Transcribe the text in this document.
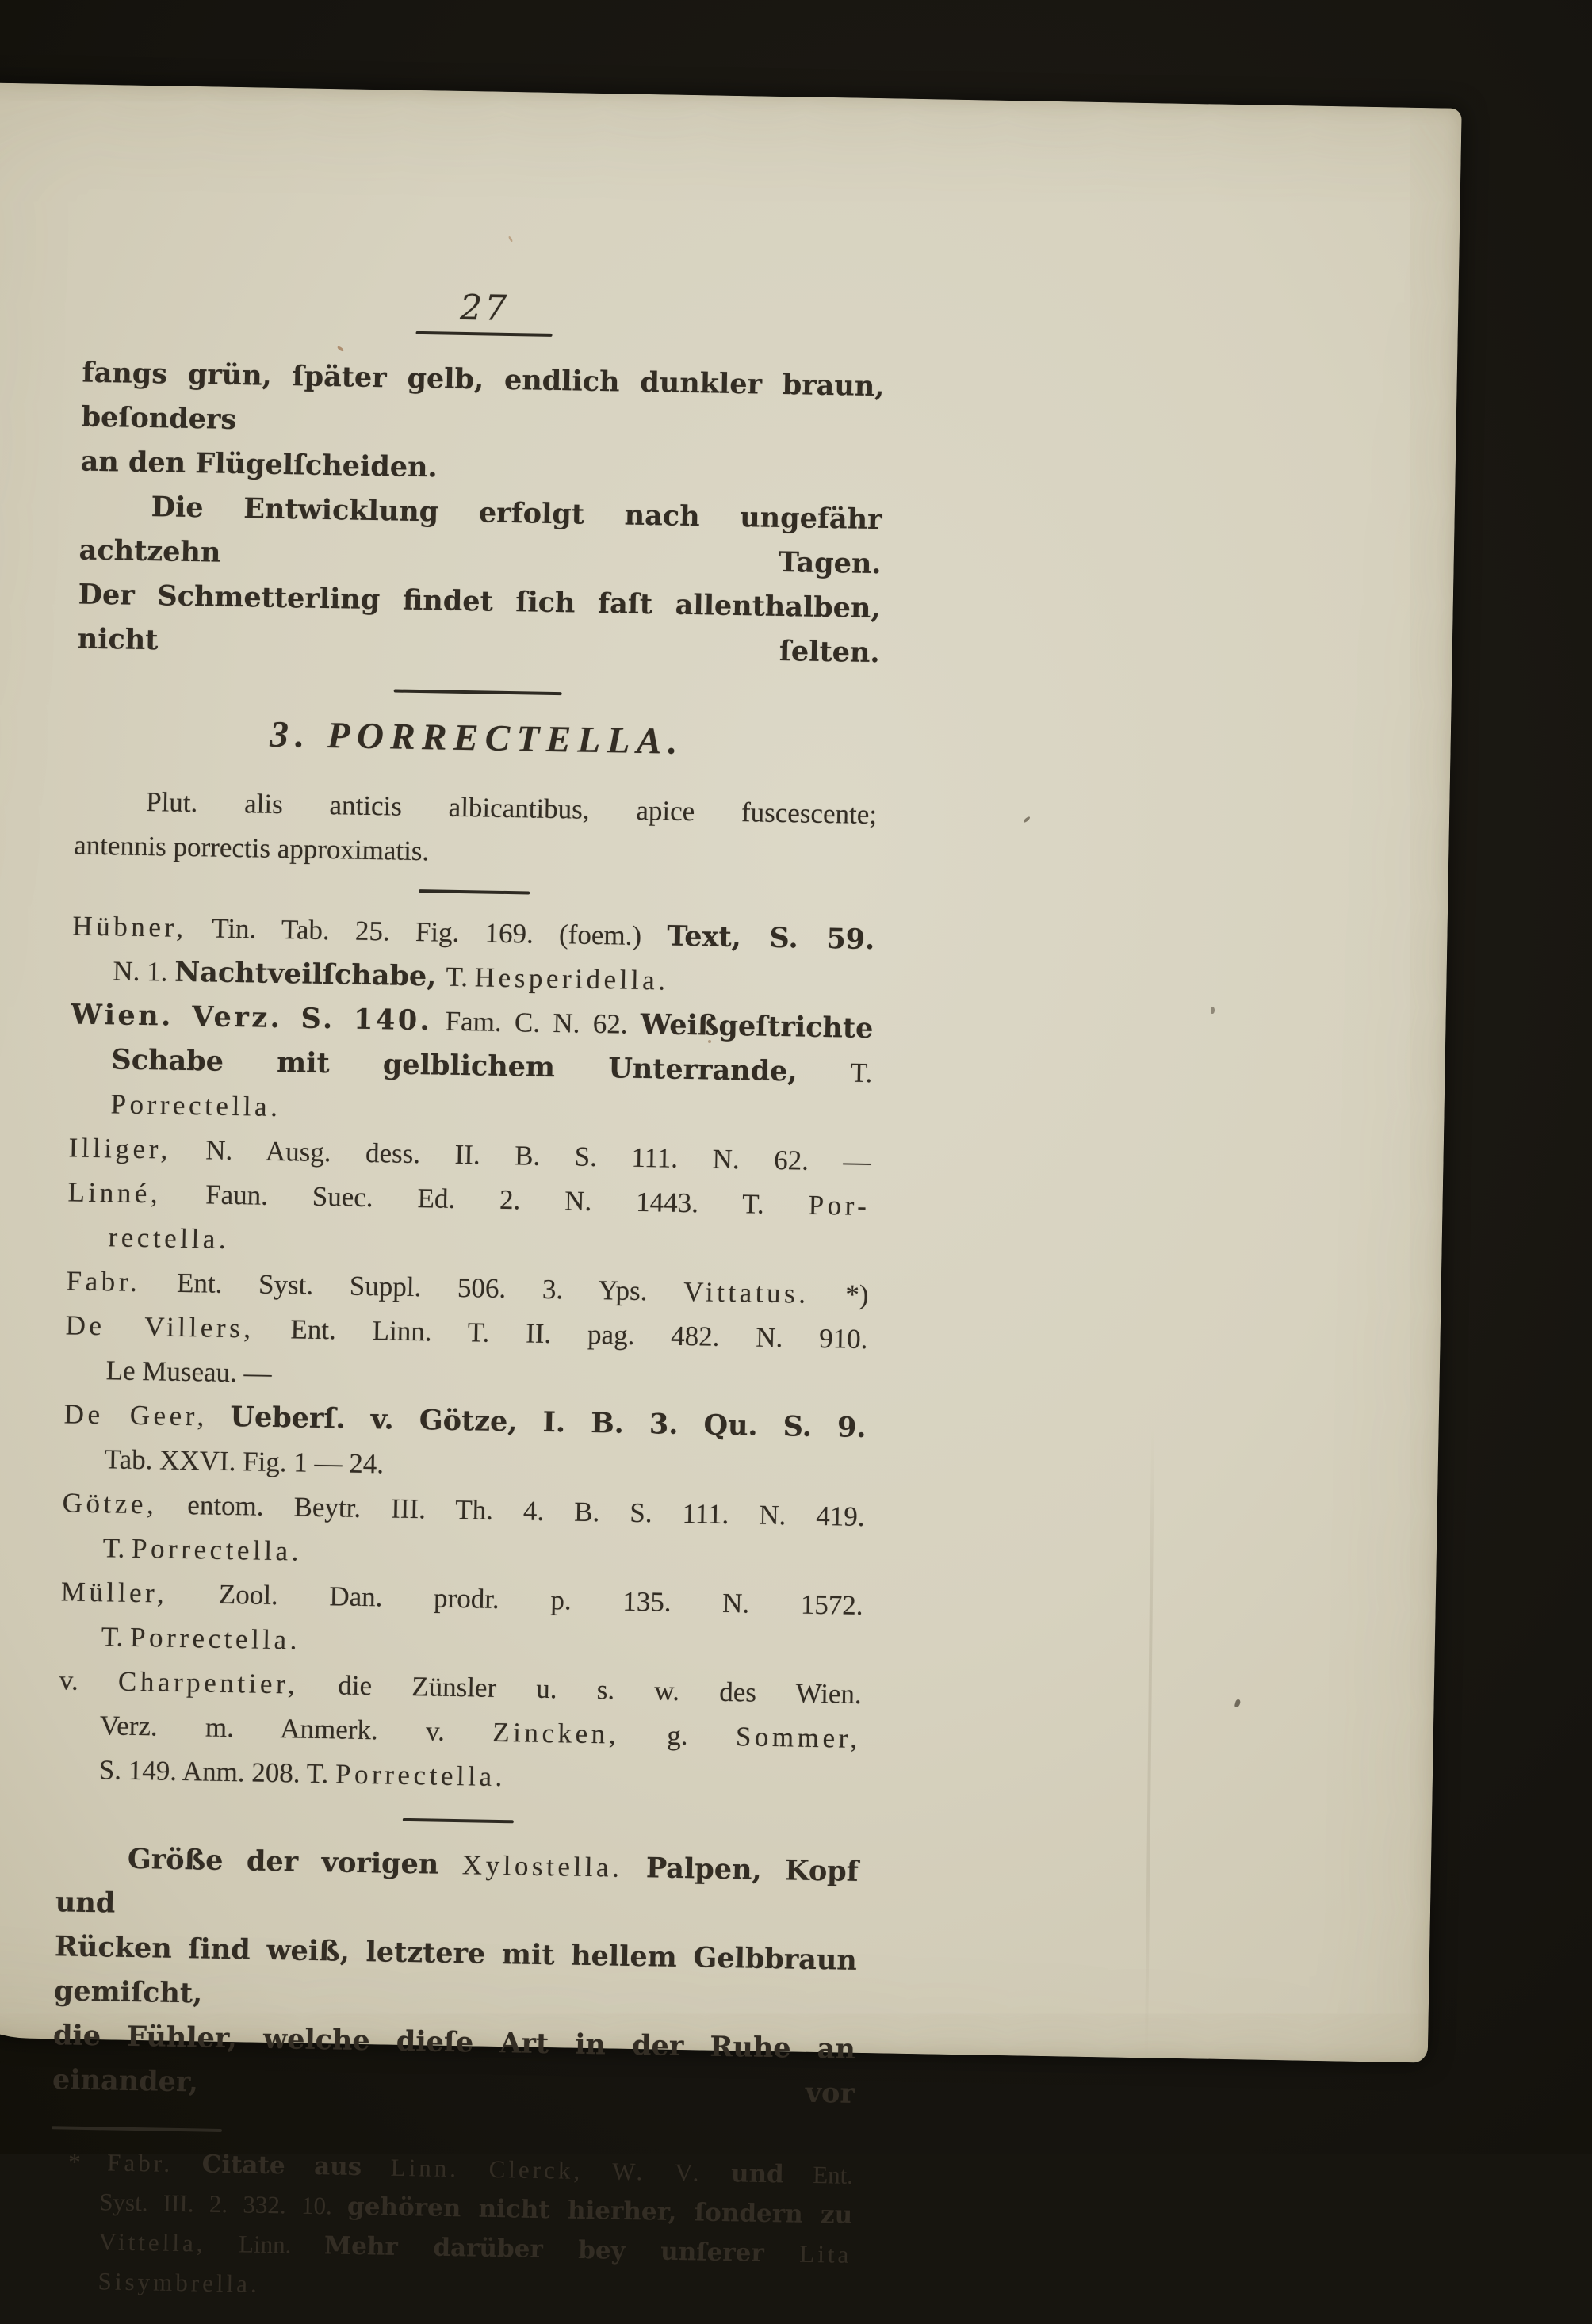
27
fangs grün, ſpäter gelb, endlich dunkler braun, beſonders
an den Flügelſcheiden.
Die Entwicklung erfolgt nach ungefähr achtzehn Tagen.
Der Schmetterling findet ſich faſt allenthalben, nicht ſelten.
3. PORRECTELLA.
Plut. alis anticis albicantibus, apice fuscescente;
antennis porrectis approximatis.
Hübner, Tin. Tab. 25. Fig. 169. (foem.) Text, S. 59.
N. 1. Nachtveilſchabe, T. Hesperidella.
Wien. Verz. S. 140. Fam. C. N. 62. Weißgeſtrichte
Schabe mit gelblichem Unterrande, T. Porrectella.
Illiger, N. Ausg. dess. II. B. S. 111. N. 62. —
Linné, Faun. Suec. Ed. 2. N. 1443. T. Por-
rectella.
Fabr. Ent. Syst. Suppl. 506. 3. Yps. Vittatus. *)
De Villers, Ent. Linn. T. II. pag. 482. N. 910.
Le Museau. —
De Geer, Ueberſ. v. Götze, I. B. 3. Qu. S. 9.
Tab. XXVI. Fig. 1 — 24.
Götze, entom. Beytr. III. Th. 4. B. S. 111. N. 419.
T. Porrectella.
Müller, Zool. Dan. prodr. p. 135. N. 1572.
T. Porrectella.
v. Charpentier, die Zünsler u. s. w. des Wien.
Verz. m. Anmerk. v. Zincken, g. Sommer,
S. 149. Anm. 208. T. Porrectella.
Größe der vorigen Xylostella. Palpen, Kopf und
Rücken ſind weiß, letztere mit hellem Gelbbraun gemiſcht,
die Fühler, welche dieſe Art in der Ruhe an einander, vor
* Fabr. Citate aus Linn. Clerck, W. V. und Ent.
Syst. III. 2. 332. 10. gehören nicht hierher, ſondern zu
Vittella, Linn. Mehr darüber bey unſerer Lita
Sisymbrella.
